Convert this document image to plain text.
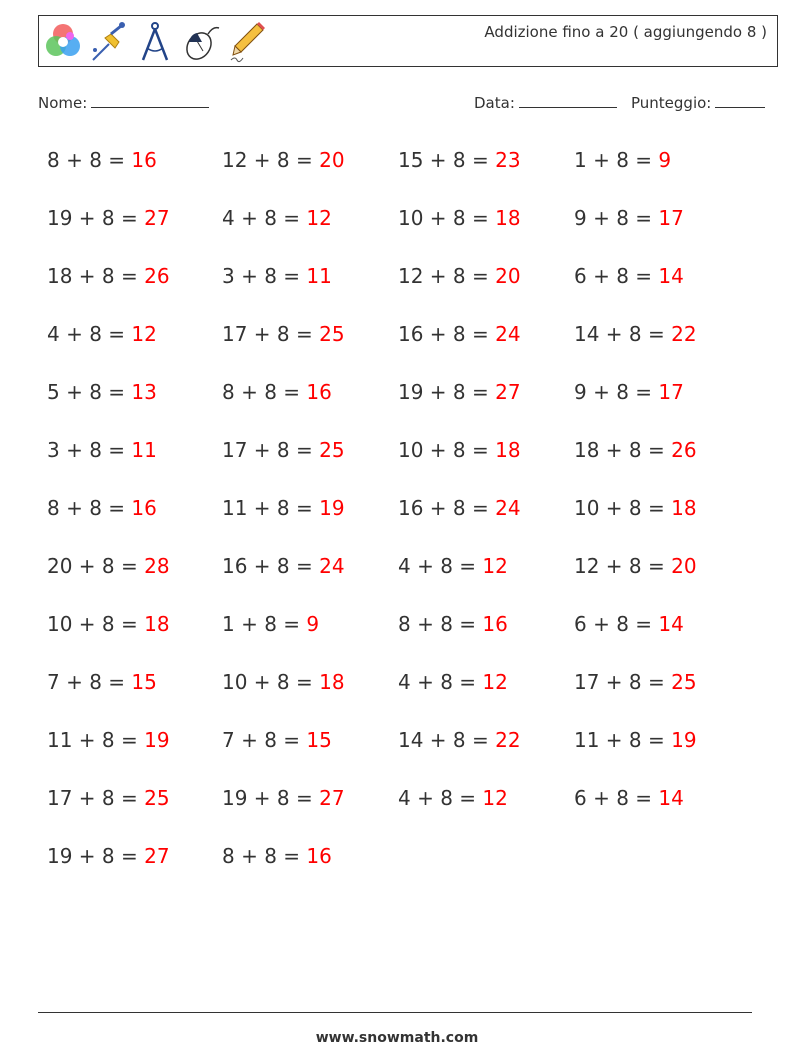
Addizione fino a 20 ( aggiungendo 8 )
Nome:	Data:	Punteggio:
8 + 8 = 16
19 + 8 = 27
18 + 8 = 26
4 + 8 = 12
5 + 8 = 13
3 + 8 = 11
8 + 8 = 16
20 + 8 = 28
10 + 8 = 18
7 + 8 = 15
11 + 8 = 19
17 + 8 = 25
19 + 8 = 27
12 + 8 = 20
4 + 8 = 12
3 + 8 = 11
17 + 8 = 25
8 + 8 = 16
17 + 8 = 25
11 + 8 = 19
16 + 8 = 24
1 + 8 = 9
10 + 8 = 18
7 + 8 = 15
19 + 8 = 27
8 + 8 = 16
15 + 8 = 23
10 + 8 = 18
12 + 8 = 20
16 + 8 = 24
19 + 8 = 27
10 + 8 = 18
16 + 8 = 24
4 + 8 = 12
8 + 8 = 16
4 + 8 = 12
14 + 8 = 22
4 + 8 = 12
1 + 8 = 9
9 + 8 = 17
6 + 8 = 14
14 + 8 = 22
9 + 8 = 17
18 + 8 = 26
10 + 8 = 18
12 + 8 = 20
6 + 8 = 14
17 + 8 = 25
11 + 8 = 19
6 + 8 = 14
www.snowmath.com
